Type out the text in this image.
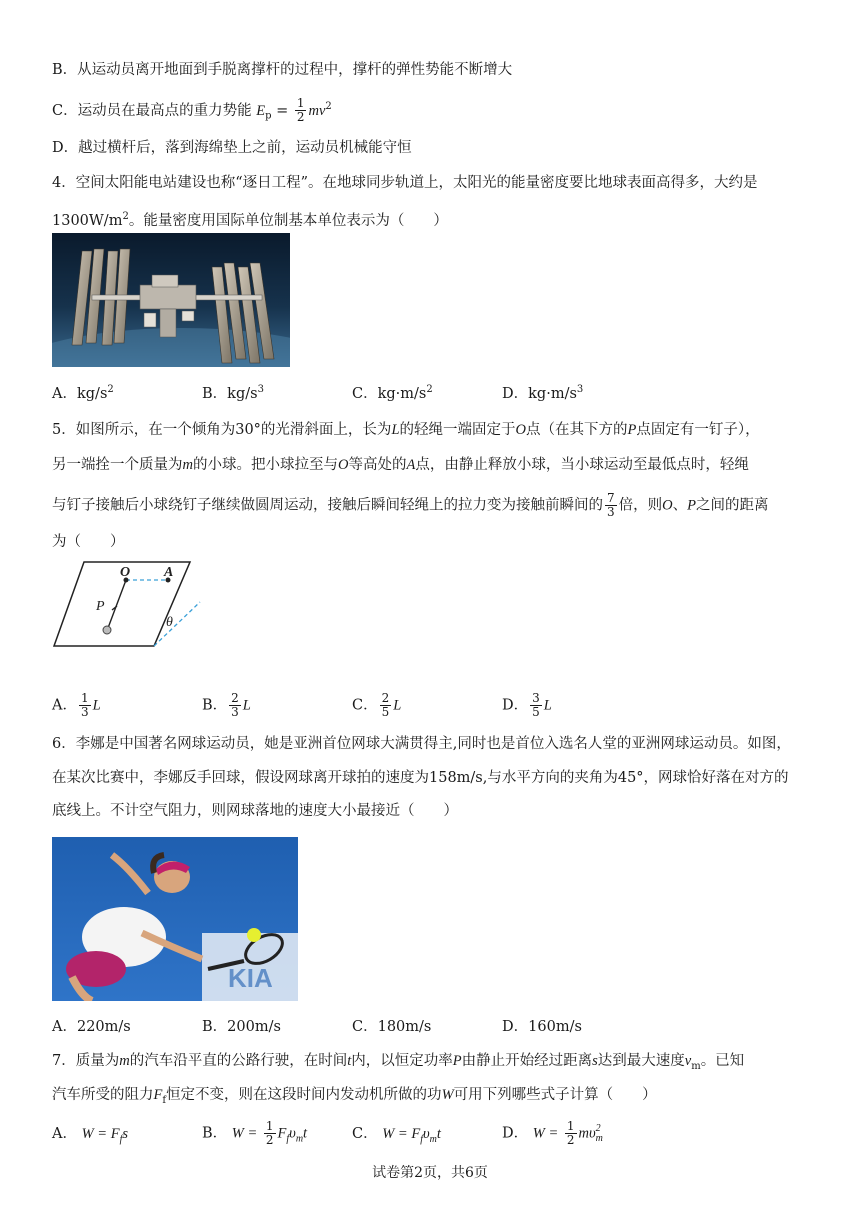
B．从运动员离开地面到手脱离撑杆的过程中，撑杆的弹性势能不断增大
C．运动员在最高点的重力势能 $E_p = \frac{1}{2} mv^2$
D．越过横杆后，落到海绵垫上之前，运动员机械能守恒
4．空间太阳能电站建设也称“逐日工程”。在地球同步轨道上，太阳光的能量密度要比地球表面高得多，大约是
$1300W/m^2$。能量密度用国际单位制基本单位表示为（　　）
A．$kg/s^2$	B．$kg/s^3$	C．$kg\cdot m/s^2$	D．$kg\cdot m/s^3$
5．如图所示，在一个倾角为30°的光滑斜面上，长为L的轻绳一端固定于O点（在其下方的P点固定有一钉子），
另一端拴一个质量为m的小球。把小球拉至与O等高处的A点，由静止释放小球，当小球运动至最低点时，轻绳
与钉子接触后小球绕钉子继续做圆周运动，接触后瞬间轻绳上的拉力变为接触前瞬间的 $\frac{7}{3}$ 倍，则O、P之间的距离
为（　　）
O A
P
θ
A． $\frac{1}{3}$ L	B． $\frac{2}{3}$ L	C． $\frac{2}{5}$ L	D． $\frac{3}{5}$ L
6．李娜是中国著名网球运动员，她是亚洲首位网球大满贯得主,同时也是首位入选名人堂的亚洲网球运动员。如图，
在某次比赛中，李娜反手回球，假设网球离开球拍的速度为158m/s,与水平方向的夹角为45°，网球恰好落在对方的
底线上。不计空气阻力，则网球落地的速度大小最接近（　　）
KIA
A．220m/s	B．200m/s	C．180m/s	D．160m/s
7．质量为m的汽车沿平直的公路行驶，在时间t内，以恒定功率P由静止开始经过距离s达到最大速度$v_m$。已知
汽车所受的阻力$F_f$恒定不变，则在这段时间内发动机所做的功W可用下列哪些式子计算（　　）
A． $W = F_fs$	B． $W = \frac{1}{2} F_f\upsilon_mt$	C． $W = F_f\upsilon_mt$	D． $W = \frac{1}{2}$ mυ 2
m
试卷第2页，共6页
